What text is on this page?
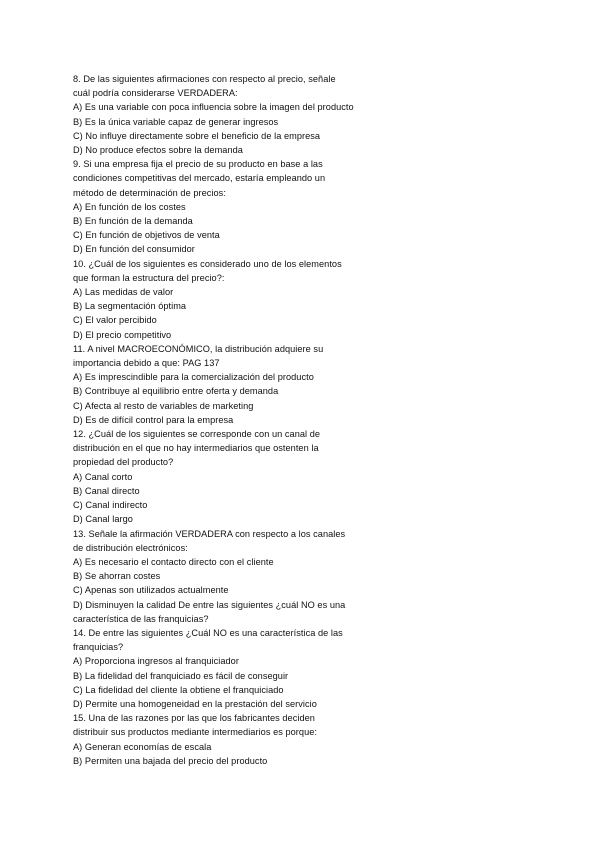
8. De las siguientes afirmaciones con respecto al precio, señale
cuál podría considerarse VERDADERA:
A) Es una variable con poca influencia sobre la imagen del producto
B) Es la única variable capaz de generar ingresos
C) No influye directamente sobre el beneficio de la empresa
D) No produce efectos sobre la demanda
9. Si una empresa fija el precio de su producto en base a las
condiciones competitivas del mercado, estaría empleando un
método de determinación de precios:
A) En función de los costes
B) En función de la demanda
C) En función de objetivos de venta
D) En función del consumidor
10. ¿Cuál de los siguientes es considerado uno de los elementos
que forman la estructura del precio?:
A) Las medidas de valor
B) La segmentación óptima
C) El valor percibido
D) El precio competitivo
11. A nivel MACROECONÓMICO, la distribución adquiere su
importancia debido a que: PAG 137
A) Es imprescindible para la comercialización del producto
B) Contribuye al equilibrio entre oferta y demanda
C) Afecta al resto de variables de marketing
D) Es de difícil control para la empresa
12. ¿Cuál de los siguientes se corresponde con un canal de
distribución en el que no hay intermediarios que ostenten la
propiedad del producto?
A) Canal corto
B) Canal directo
C) Canal indirecto
D) Canal largo
13. Señale la afirmación VERDADERA con respecto a los canales
de distribución electrónicos:
A) Es necesario el contacto directo con el cliente
B) Se ahorran costes
C) Apenas son utilizados actualmente
D) Disminuyen la calidad De entre las siguientes ¿cuál NO es una
característica de las franquicias?
14. De entre las siguientes ¿Cuál NO es una característica de las
franquicias?
A) Proporciona ingresos al franquiciador
B) La fidelidad del franquiciado es fácil de conseguir
C) La fidelidad del cliente la obtiene el franquiciado
D) Permite una homogeneidad en la prestación del servicio
15. Una de las razones por las que los fabricantes deciden
distribuir sus productos mediante intermediarios es porque:
A) Generan economías de escala
B) Permiten una bajada del precio del producto
